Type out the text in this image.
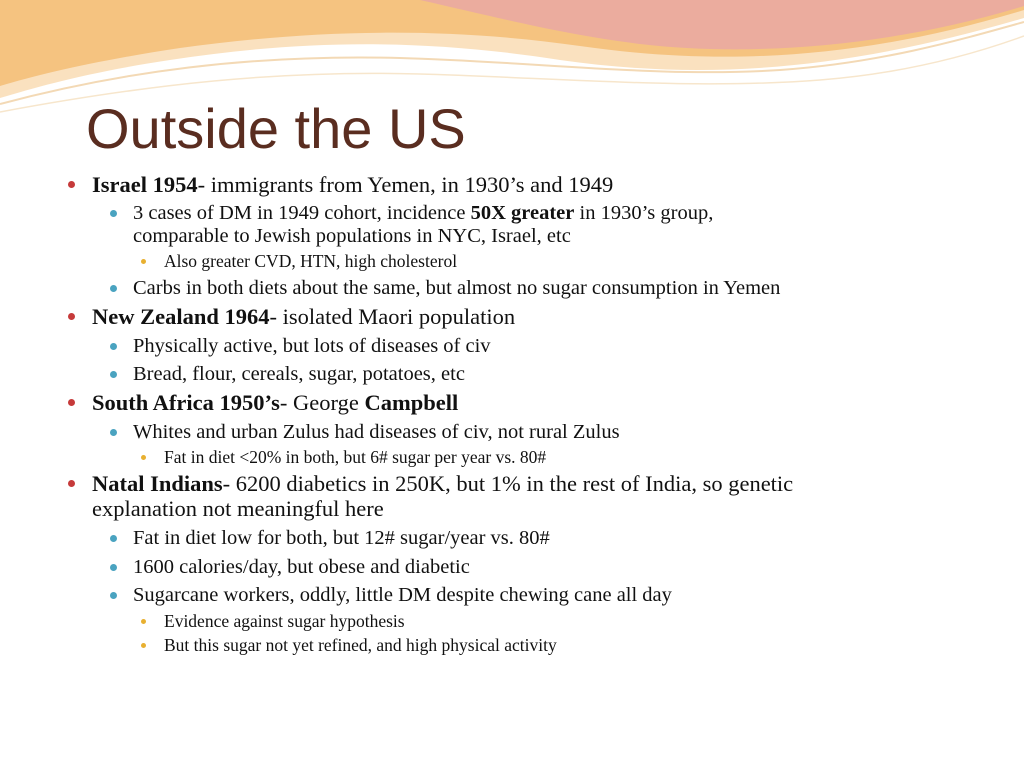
Outside the US
Israel 1954- immigrants from Yemen, in 1930’s and 1949
3 cases of DM in 1949 cohort, incidence 50X greater in 1930’s group,
comparable to Jewish populations in NYC, Israel, etc
Also greater CVD, HTN, high cholesterol
Carbs in both diets about the same, but almost no sugar consumption in Yemen
New Zealand 1964- isolated Maori population
Physically active, but lots of diseases of civ
Bread, flour, cereals, sugar, potatoes, etc
South Africa 1950’s- George Campbell
Whites and urban Zulus had diseases of civ, not rural Zulus
Fat in diet <20% in both, but 6# sugar per year vs. 80#
Natal Indians- 6200 diabetics in 250K, but 1% in the rest of India, so genetic
explanation not meaningful here
Fat in diet low for both, but 12# sugar/year vs. 80#
1600 calories/day, but obese and diabetic
Sugarcane workers, oddly, little DM despite chewing cane all day
Evidence against sugar hypothesis
But this sugar not yet refined, and high physical activity
